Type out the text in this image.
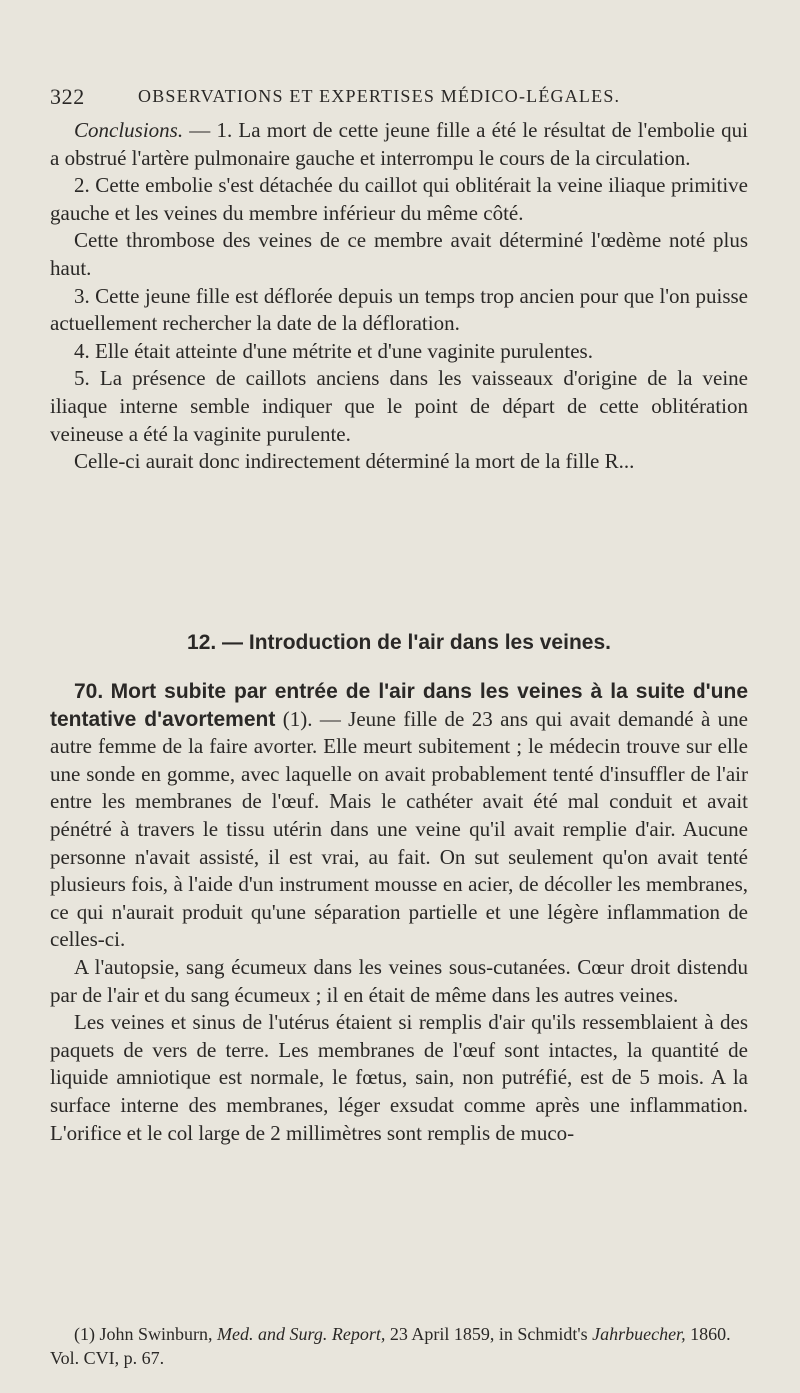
322	OBSERVATIONS ET EXPERTISES MÉDICO-LÉGALES.

Conclusions. — 1. La mort de cette jeune fille a été le résultat de l'embolie qui a obstrué l'artère pulmonaire gauche et interrompu le cours de la circulation.

2. Cette embolie s'est détachée du caillot qui oblitérait la veine iliaque primitive gauche et les veines du membre inférieur du même côté.

Cette thrombose des veines de ce membre avait déterminé l'œdème noté plus haut.

3. Cette jeune fille est déflorée depuis un temps trop ancien pour que l'on puisse actuellement rechercher la date de la défloration.

4. Elle était atteinte d'une métrite et d'une vaginite purulentes.

5. La présence de caillots anciens dans les vaisseaux d'origine de la veine iliaque interne semble indiquer que le point de départ de cette oblitération veineuse a été la vaginite purulente.

Celle-ci aurait donc indirectement déterminé la mort de la fille R...

12. — Introduction de l'air dans les veines.

70. Mort subite par entrée de l'air dans les veines à la suite d'une tentative d'avortement (1). — Jeune fille de 23 ans qui avait demandé à une autre femme de la faire avorter. Elle meurt subitement ; le médecin trouve sur elle une sonde en gomme, avec laquelle on avait probablement tenté d'insuffler de l'air entre les membranes de l'œuf. Mais le cathéter avait été mal conduit et avait pénétré à travers le tissu utérin dans une veine qu'il avait remplie d'air. Aucune personne n'avait assisté, il est vrai, au fait. On sut seulement qu'on avait tenté plusieurs fois, à l'aide d'un instrument mousse en acier, de décoller les membranes, ce qui n'aurait produit qu'une séparation partielle et une légère inflammation de celles-ci.

A l'autopsie, sang écumeux dans les veines sous-cutanées. Cœur droit distendu par de l'air et du sang écumeux ; il en était de même dans les autres veines.

Les veines et sinus de l'utérus étaient si remplis d'air qu'ils ressemblaient à des paquets de vers de terre. Les membranes de l'œuf sont intactes, la quantité de liquide amniotique est normale, le fœtus, sain, non putréfié, est de 5 mois. A la surface interne des membranes, léger exsudat comme après une inflammation. L'orifice et le col large de 2 millimètres sont remplis de muco-

(1) John Swinburn, Med. and Surg. Report, 23 April 1859, in Schmidt's Jahrbuecher, 1860. Vol. CVI, p. 67.
